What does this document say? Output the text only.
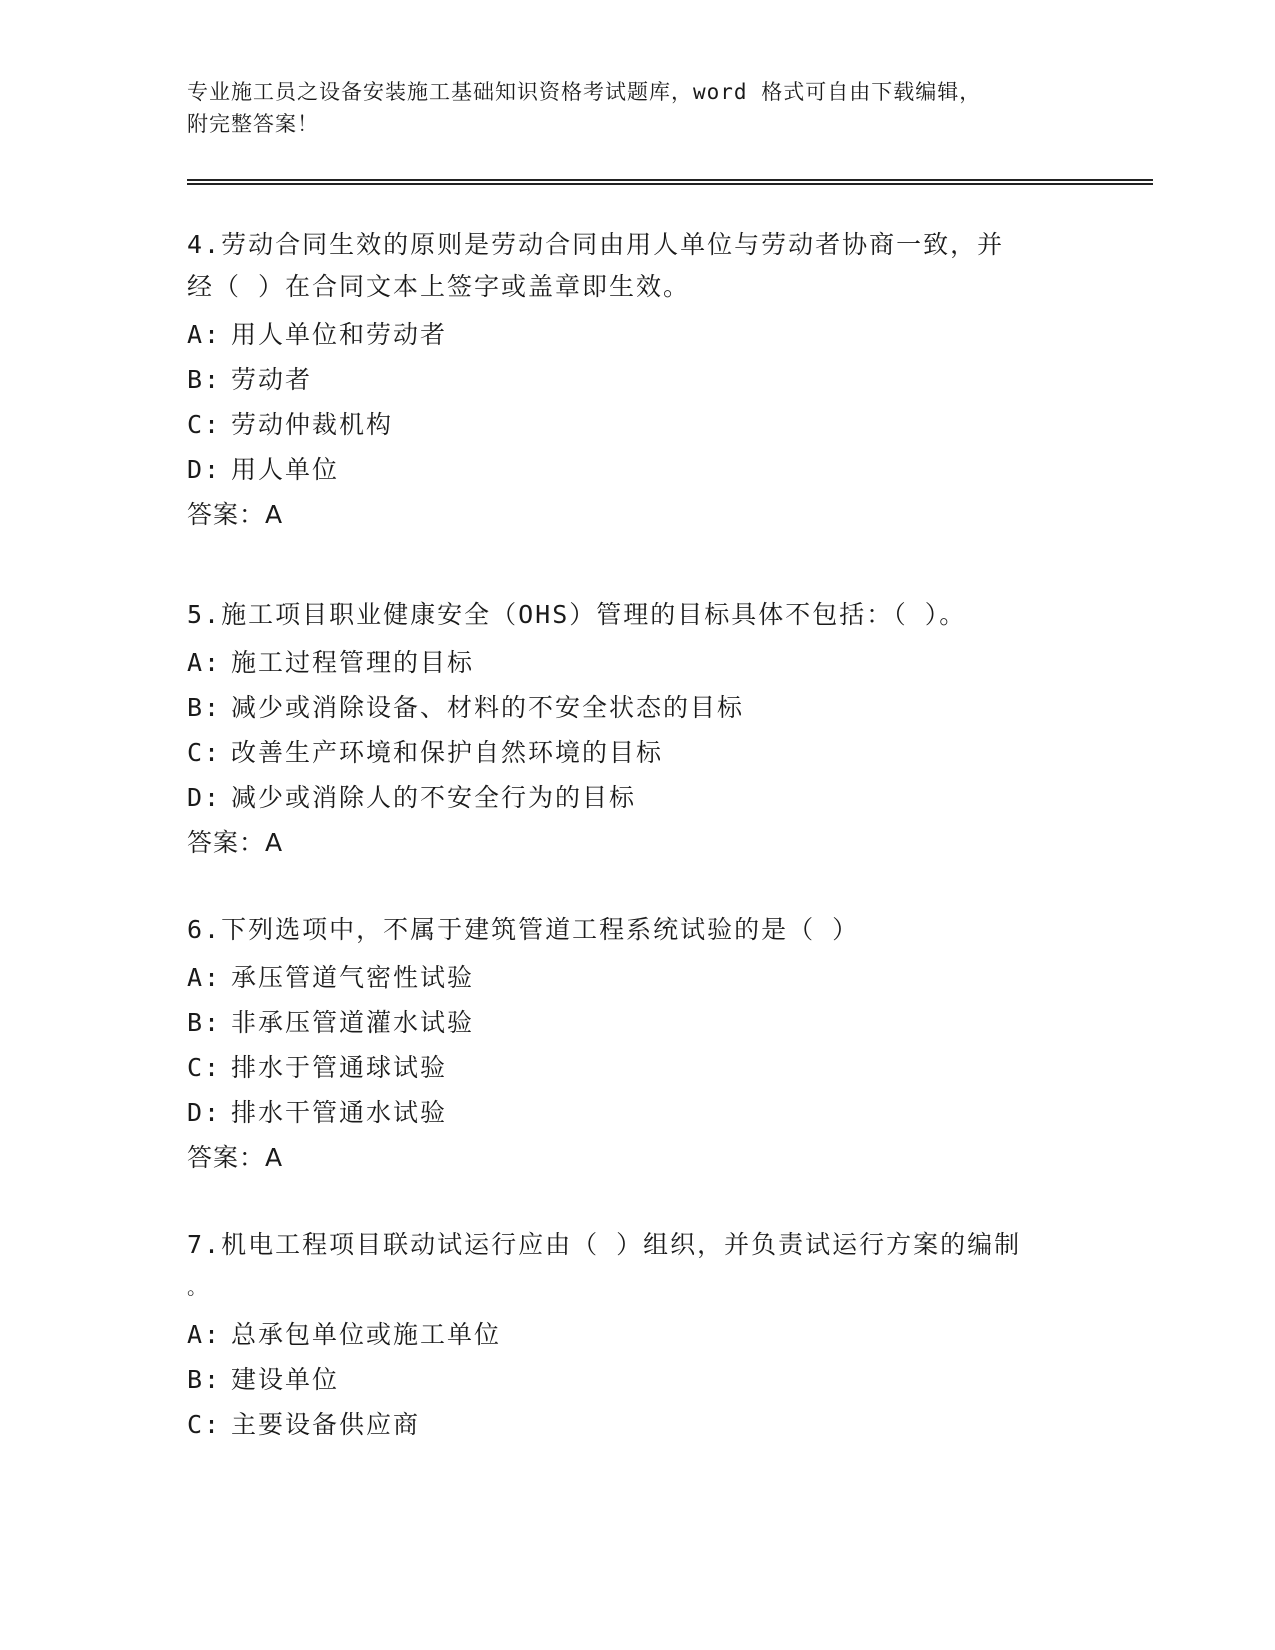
专业施工员之设备安装施工基础知识资格考试题库，word 格式可自由下载编辑，
附完整答案！

4.劳动合同生效的原则是劳动合同由用人单位与劳动者协商一致，并

经（ ）在合同文本上签字或盖章即生效。

A: 用人单位和劳动者

B: 劳动者

C: 劳动仲裁机构

D: 用人单位

答案：A

5.施工项目职业健康安全（OHS）管理的目标具体不包括：（ ）。

A: 施工过程管理的目标

B: 减少或消除设备、材料的不安全状态的目标

C: 改善生产环境和保护自然环境的目标

D: 减少或消除人的不安全行为的目标

答案：A

6.下列选项中，不属于建筑管道工程系统试验的是（ ）

A: 承压管道气密性试验

B: 非承压管道灌水试验

C: 排水于管通球试验

D: 排水干管通水试验

答案：A

7.机电工程项目联动试运行应由（ ）组织，并负责试运行方案的编制

。

A: 总承包单位或施工单位

B: 建设单位

C: 主要设备供应商
